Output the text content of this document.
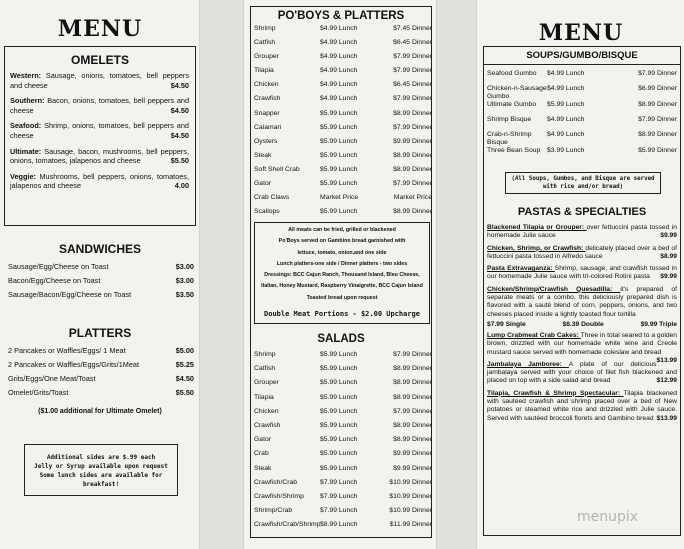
MENU
OMELETS
Western: Sausage, onions, tomatoes, bell peppers and cheese	$4.50
Southern: Bacon, onions, tomatoes, bell peppers and cheese	$4.50
Seafood: Shrimp, onions, tomatoes, bell peppers and cheese	$4.50
Ultimate: Sausage, bacon, mushrooms, bell peppers, onions, tomatoes, jalapenos and cheese	$5.50
Veggie: Mushrooms, bell peppers, onions, tomatoes, jalapenos and cheese	4.00
SANDWICHES
Sausage/Egg/Cheese on Toast	$3.00
Bacon/Egg/Cheese on Toast	$3.00
Sausage/Bacon/Egg/Cheese on Toast	$3.50
PLATTERS
2 Pancakes or Waffles/Eggs/ 1 Meat	$5.00
2 Pancakes or Waffles/Eggs/Grits/1Meat	$5.25
Grits/Eggs/One Meat/Toast	$4.50
Omelet/Grits/Toast	$5.50
($1.00 additional for Ultimate Omelet)
Additional sides are $.99 each
Jelly or Syrup available upon request
Some lunch sides are available for breakfast!
PO'BOYS & PLATTERS
Shrimp	$4.99 Lunch	$7.45 Dinner
Catfish	$4.99 Lunch	$6.45 Dinner
Grouper	$4.99 Lunch	$7.99 Dinner
Tilapia	$4.99 Lunch	$7.99 Dinner
Chicken	$4.99 Lunch	$6.45 Dinner
Crawfish	$4.99 Lunch	$7.99 Dinner
Snapper	$5.99 Lunch	$8.99 Dinner
Calamari	$5.99 Lunch	$7.99 Dinner
Oysters	$5.99 Lunch	$9.99 Dinner
Steak	$5.99 Lunch	$8.99 Dinner
Soft Shell Crab	$5.99 Lunch	$8.99 Dinner
Gator	$5.99 Lunch	$7.99 Dinner
Crab Claws	Market Price	Market Price
Scallops	$5.99 Lunch	$8.99 Dinner
All meats can be fried, grilled or blackened
Po'Boys served on Gambino bread garnished with
lettuce, tomato, onion,and one side
Lunch platters-one side / Dinner platters - two sides
Dressings: BCC Cajun Ranch, Thousand Island, Bleu Cheese,
Italian, Honey Mustard, Raspberry Vinaigrette, BCC Cajun Island
Toasted bread upon request
Double Meat Portions - $2.00 Upcharge
SALADS
Shrimp	$5.99 Lunch	$7.99 Dinner
Catfish	$5.99 Lunch	$8.99 Dinner
Grouper	$5.99 Lunch	$8.99 Dinner
Tilapia	$5.99 Lunch	$8.99 Dinner
Chicken	$5.99 Lunch	$7.99 Dinner
Crawfish	$5.99 Lunch	$8.99 Dinner
Gator	$5.99 Lunch	$8.99 Dinner
Crab	$5.99 Lunch	$9.99 Dinner
Steak	$5.99 Lunch	$9.99 Dinner
Crawfish/Crab	$7.99 Lunch	$10.99 Dinner
Crawfish/Shrimp	$7.99 Lunch	$10.99 Dinner
Shrimp/Crab	$7.99 Lunch	$10.99 Dinner
Crawfish/Crab/Shrimp $8.99 Lunch	$11.99 Dinner
MENU
SOUPS/GUMBO/BISQUE
Seafood Gumbo	$4.99 Lunch	$7.99 Dinner
Chicken-n-Sausage Gumbo
$4.99 Lunch	$6.99 Dinner
Ultimate Gumbo	$5.99 Lunch	$8.99 Dinner
Shrimp Bisque	$4.99 Lunch	$7.99 Dinner
Crab-n-Shrimp Bisque
$4.99 Lunch	$8.99 Dinner
Three Bean Soup $3.99 Lunch	$5.99 Dinner
(All Soups, Gumbos, and Bisque are served with rice and/or bread)
PASTAS & SPECIALTIES
Blackened Tilapia or Grouper: over fettuccini pasta tossed in homemade Julie sauce	$9.99
Chicken, Shrimp, or Crawfish: delicately placed over a bed of fettuccini pasta tossed in Alfredo sauce	$8.99
Pasta Extravaganza: Shrimp, sausage, and crawfish tossed in our homemade Julie sauce with tri-colored Rotini pasta $9.99
Chicken/Shrimp/Crawfish Quesadilla: it's prepared of separate meats or a combo, this deliciously prepared dish is flavored with a sauté blend of corn, peppers, onions, and two cheeses placed inside a lightly toasted flour tortilla
$7.99 Single	$8.39 Double	$9.99 Triple
Lump Crabmeat Crab Cakes: Three in total seared to a golden brown, drizzled with our homemade white wine and Creole mustard sauce served with homemade coleslaw and bread
$13.99
Jambalaya Jamboree: A plate of our delicious jambalaya served with your choice of filet fish blackened and placed on top with a side salad and bread	$12.99
Tilapia, Crawfish & Shrimp Spectacular: Tilapia blackened with sautéed crawfish and shrimp placed over a bed of New potatoes or steamed white rice and drizzled with Julie sauce. Served with sautéed broccoli florets and Gambino bread $13.99
menupix
